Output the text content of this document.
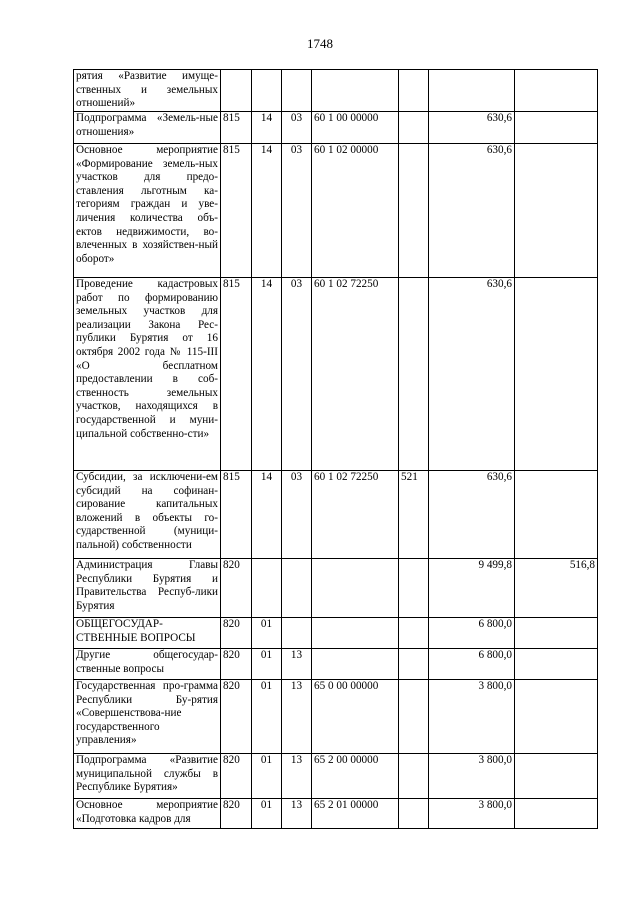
1748
рятия «Развитие имуще-ственных и земельных отношений»							
Подпрограмма «Земель-ные отношения»	815	14	03	60 1 00 00000		630,6	
Основное мероприятие «Формирование земель-ных участков для предо-ставления льготным ка-тегориям граждан и уве-личения количества объ-ектов недвижимости, во-влеченных в хозяйствен-ный оборот»	815	14	03	60 1 02 00000		630,6	
Проведение кадастровых работ по формированию земельных участков для реализации Закона Рес-публики Бурятия от 16 октября 2002 года № 115-III «О бесплатном предоставлении в соб-ственность земельных участков, находящихся в государственной и муни-ципальной собственно-сти»	815	14	03	60 1 02 72250		630,6	
Субсидии, за исключени-ем субсидий на софинан-сирование капитальных вложений в объекты го-сударственной (муници-пальной) собственности	815	14	03	60 1 02 72250	521	630,6	
Администрация Главы Республики Бурятия и Правительства Респуб-лики Бурятия	820					9 499,8	516,8
ОБЩЕГОСУДАР-СТВЕННЫЕ ВОПРОСЫ	820	01				6 800,0	
Другие общегосудар-ственные вопросы	820	01	13			6 800,0	
Государственная про-грамма Республики Бу-рятия «Совершенствова-ние государственного управления»	820	01	13	65 0 00 00000		3 800,0	
Подпрограмма «Развитие муниципальной службы в Республике Бурятия»	820	01	13	65 2 00 00000		3 800,0	
Основное мероприятие «Подготовка кадров для	820	01	13	65 2 01 00000		3 800,0	
